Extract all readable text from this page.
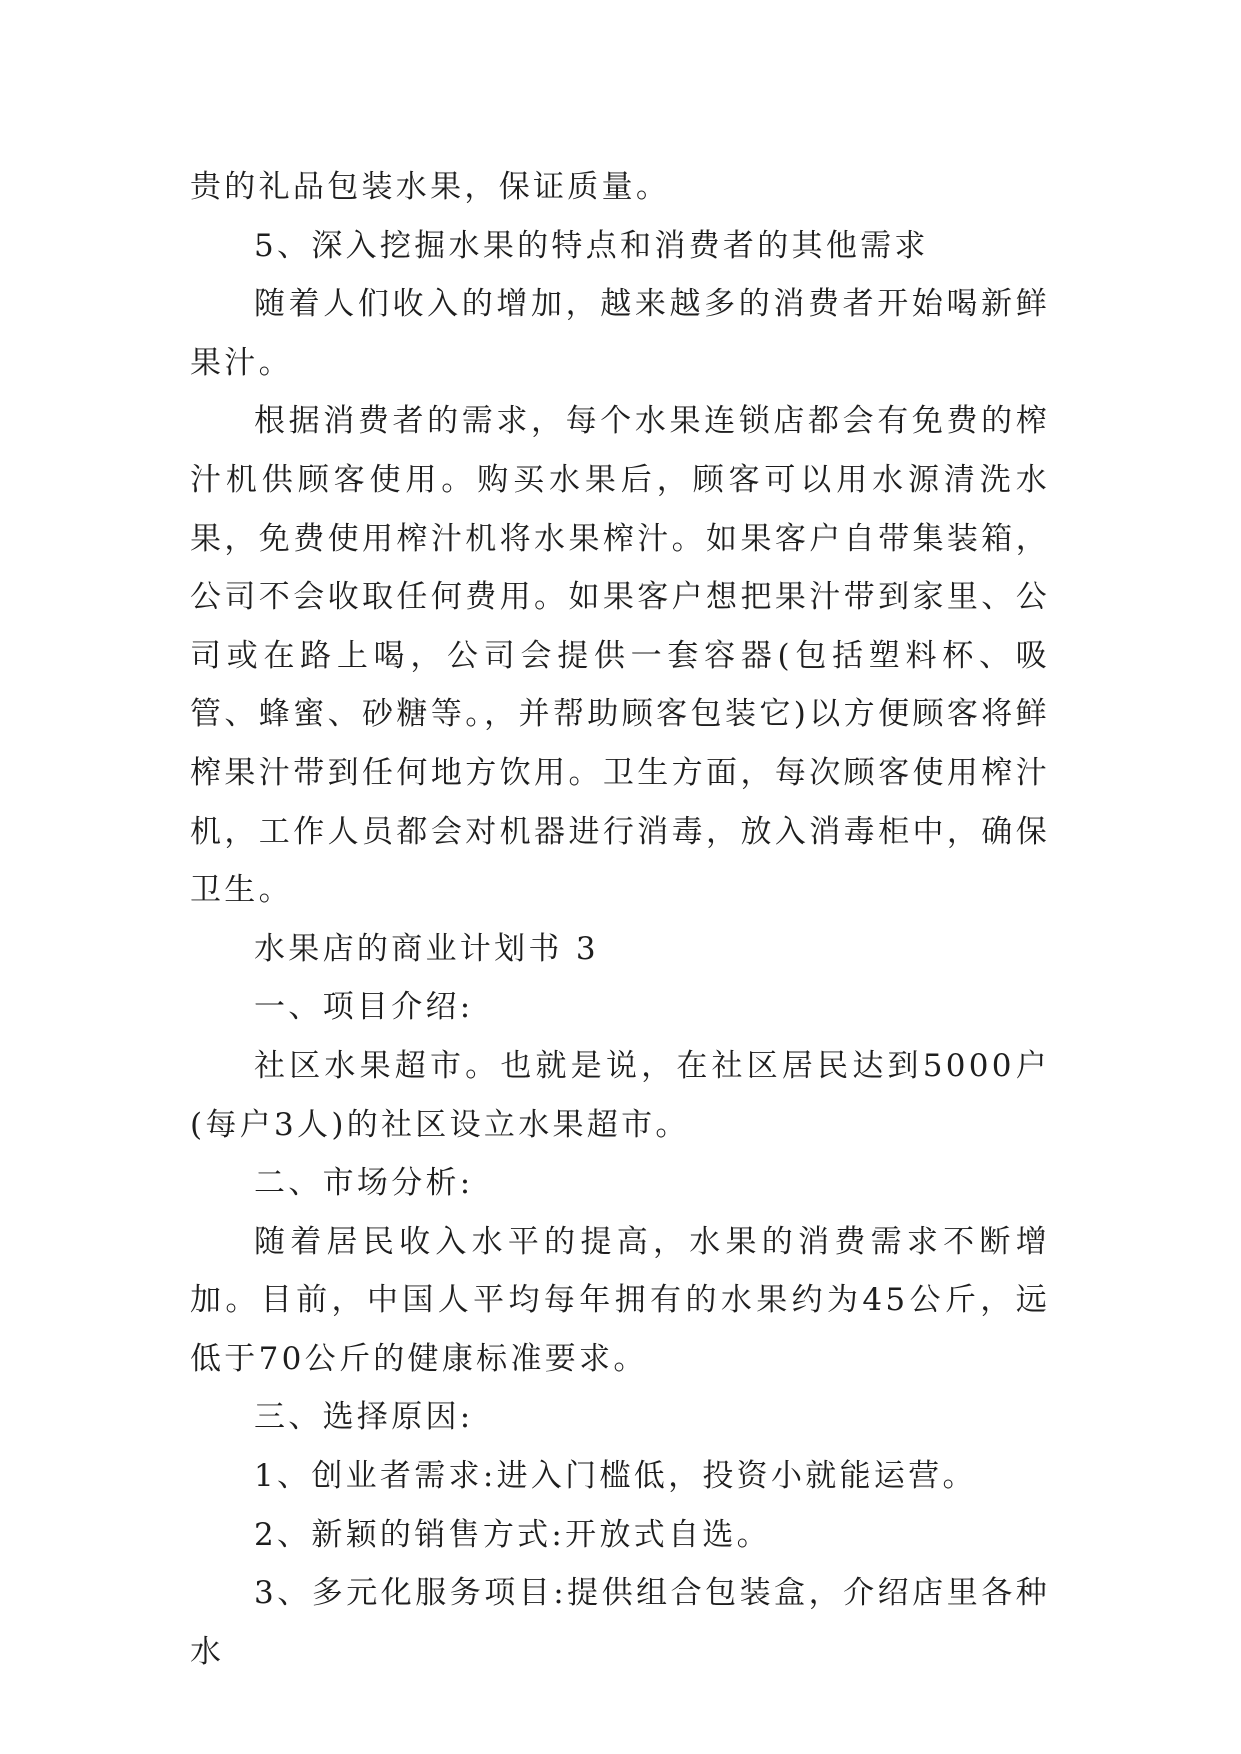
贵的礼品包装水果，保证质量。

5、深入挖掘水果的特点和消费者的其他需求

随着人们收入的增加，越来越多的消费者开始喝新鲜果汁。

根据消费者的需求，每个水果连锁店都会有免费的榨汁机供顾客使用。购买水果后，顾客可以用水源清洗水果，免费使用榨汁机将水果榨汁。如果客户自带集装箱，公司不会收取任何费用。如果客户想把果汁带到家里、公司或在路上喝，公司会提供一套容器(包括塑料杯、吸管、蜂蜜、砂糖等。，并帮助顾客包装它)以方便顾客将鲜榨果汁带到任何地方饮用。卫生方面，每次顾客使用榨汁机，工作人员都会对机器进行消毒，放入消毒柜中，确保卫生。

水果店的商业计划书 3

一、项目介绍:

社区水果超市。也就是说，在社区居民达到5000户(每户3人)的社区设立水果超市。

二、市场分析:

随着居民收入水平的提高，水果的消费需求不断增加。目前，中国人平均每年拥有的水果约为45公斤，远低于70公斤的健康标准要求。

三、选择原因:

1、创业者需求:进入门槛低，投资小就能运营。

2、新颖的销售方式:开放式自选。

3、多元化服务项目:提供组合包装盒，介绍店里各种水
